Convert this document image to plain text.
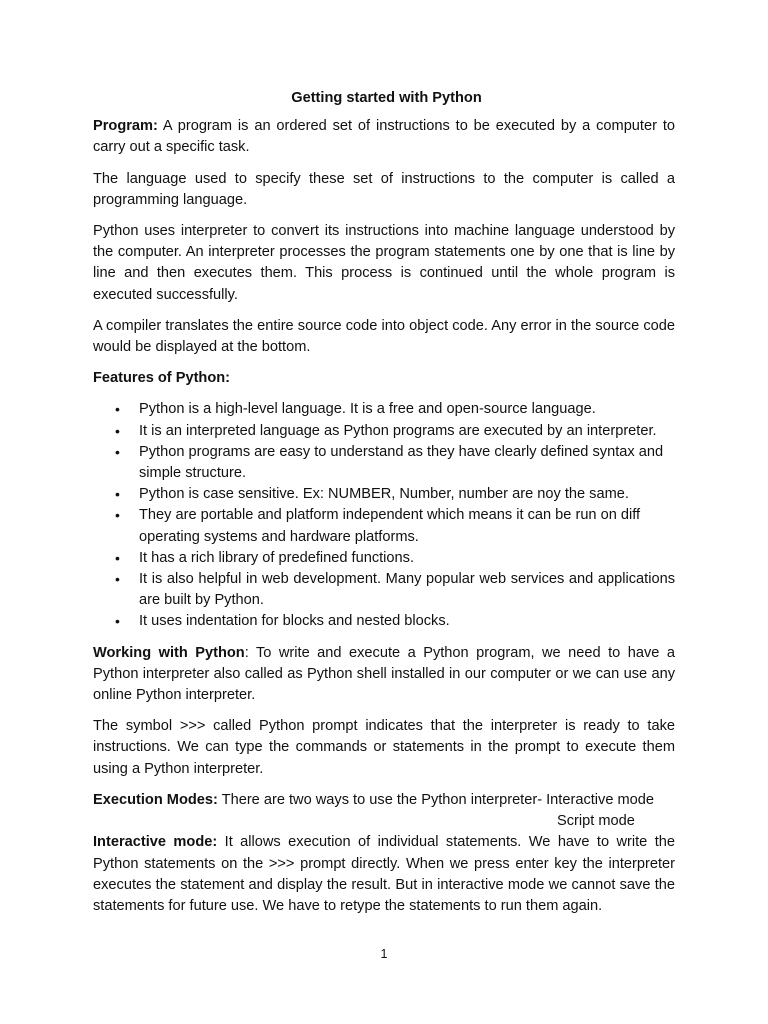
Getting started with Python

Program: A program is an ordered set of instructions to be executed by a computer to carry out a specific task.

The language used to specify these set of instructions to the computer is called a programming language.

Python uses interpreter to convert its instructions into machine language understood by the computer. An interpreter processes the program statements one by one that is line by line and then executes them. This process is continued until the whole program is executed successfully.

A compiler translates the entire source code into object code. Any error in the source code would be displayed at the bottom.

Features of Python:

• Python is a high-level language. It is a free and open-source language.
• It is an interpreted language as Python programs are executed by an interpreter.
• Python programs are easy to understand as they have clearly defined syntax and simple structure.
• Python is case sensitive. Ex: NUMBER, Number, number are noy the same.
• They are portable and platform independent which means it can be run on diff operating systems and hardware platforms.
• It has a rich library of predefined functions.
• It is also helpful in web development. Many popular web services and applications are built by Python.
• It uses indentation for blocks and nested blocks.

Working with Python: To write and execute a Python program, we need to have a Python interpreter also called as Python shell installed in our computer or we can use any online Python interpreter.

The symbol >>> called Python prompt indicates that the interpreter is ready to take instructions. We can type the commands or statements in the prompt to execute them using a Python interpreter.

Execution Modes: There are two ways to use the Python interpreter- Interactive mode
Script mode

Interactive mode: It allows execution of individual statements. We have to write the Python statements on the >>> prompt directly. When we press enter key the interpreter executes the statement and display the result. But in interactive mode we cannot save the statements for future use. We have to retype the statements to run them again.

1
